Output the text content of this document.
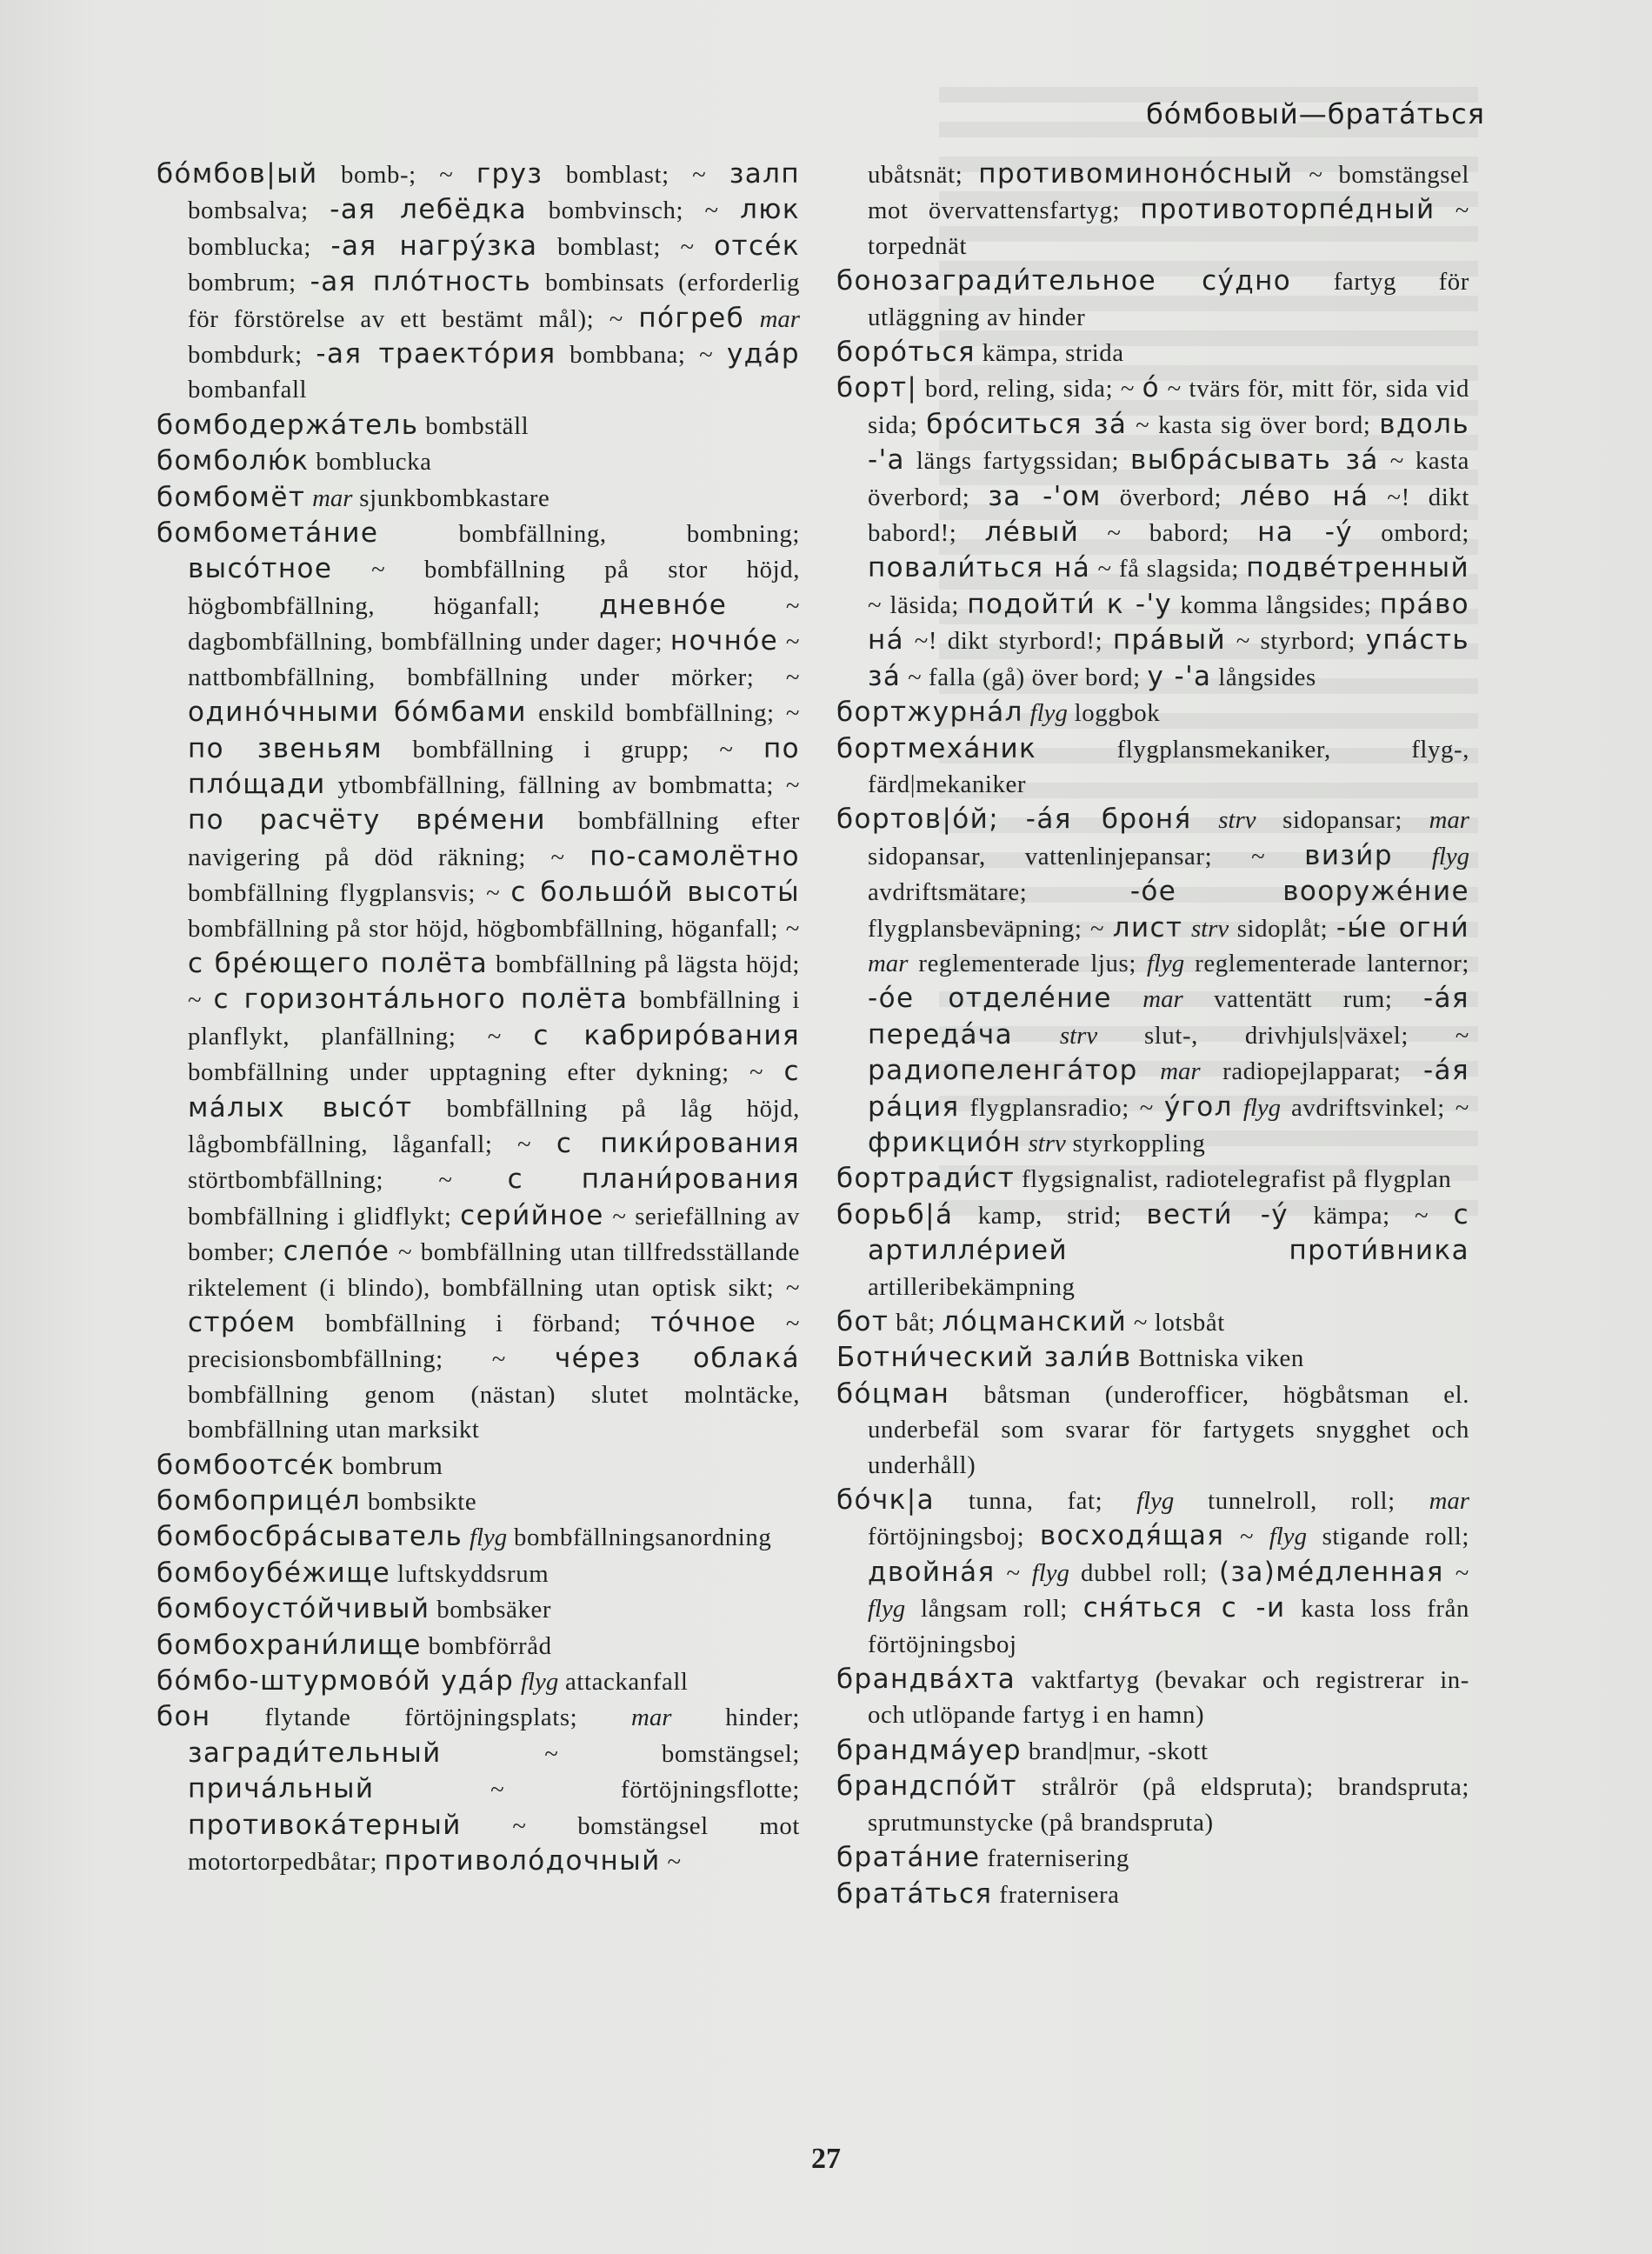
бо́мбовый—брата́ться

бо́мбов|ый bomb-; ~ груз bomblast; ~ залп bombsalva; -ая лебёдка bombvinsch; ~ люк bomblucka; -ая нагру́зка bomblast; ~ отсе́к bombrum; -ая пло́тность bombinsats (erforderlig för förstörelse av ett bestämt mål); ~ по́греб mar bombdurk; -ая траекто́рия bombbana; ~ уда́р bombanfall

бомбодержа́тель bombställ

бомболю́к bomblucka

бомбомёт mar sjunkbombkastare

бомбомета́ние bombfällning, bombning; высо́тное ~ bombfällning på stor höjd, högbombfällning, höganfall; дневно́е ~ dagbombfällning, bombfällning under dager; ночно́е ~ nattbombfällning, bombfällning under mörker; ~ одино́чными бо́мбами enskild bombfällning; ~ по звеньям bombfällning i grupp; ~ по пло́щади ytbombfällning, fällning av bombmatta; ~ по расчёту вре́мени bombfällning efter navigering på död räkning; ~ по-самолётно bombfällning flygplansvis; ~ с большо́й высоты́ bombfällning på stor höjd, högbombfällning, höganfall; ~ с бре́ющего полёта bombfällning på lägsta höjd; ~ с горизонта́льного полёта bombfällning i planflykt, planfällning; ~ с кабриро́вания bombfällning under upptagning efter dykning; ~ с ма́лых высо́т bombfällning på låg höjd, lågbombfällning, låganfall; ~ с пики́рования störtbombfällning; ~ с плани́рования bombfällning i glidflykt; сери́йное ~ seriefällning av bomber; слепо́е ~ bombfällning utan tillfredsställande riktelement (i blindo), bombfällning utan optisk sikt; ~ стро́ем bombfällning i förband; то́чное ~ precisionsbombfällning; ~ че́рез облака́ bombfällning genom (nästan) slutet molntäcke, bombfällning utan marksikt

бомбоотсе́к bombrum

бомбоприце́л bombsikte

бомбосбра́сыватель flyg bombfällningsanordning

бомбоубе́жище luftskyddsrum

бомбоусто́йчивый bombsäker

бомбохрани́лище bombförråd

бо́мбо-штурмово́й уда́р flyg attackanfall

бон flytande förtöjningsplats; mar hinder; загради́тельный ~ bomstängsel; прича́льный ~ förtöjningsflotte; противока́терный ~ bomstängsel mot motortorpedbåtar; противоло́дочный ~

ubåtsnät; противоминоно́сный ~ bomstängsel mot övervattensfartyg; противоторпе́дный ~ torpednät

бонозагради́тельное су́дно fartyg för utläggning av hinder

боро́ться kämpa, strida

борт| bord, reling, sida; ~ о́ ~ tvärs för, mitt för, sida vid sida; бро́ситься за́ ~ kasta sig över bord; вдоль -'а längs fartygssidan; выбра́сывать за́ ~ kasta överbord; за -'ом överbord; ле́во на́ ~! dikt babord!; ле́вый ~ babord; на -у́ ombord; повали́ться на́ ~ få slagsida; подве́тренный ~ läsida; подойти́ к -'у komma långsides; пра́во на́ ~! dikt styrbord!; пра́вый ~ styrbord; упа́сть за́ ~ falla (gå) över bord; у -'а långsides

бортжурна́л flyg loggbok

бортмеха́ник flygplansmekaniker, flyg-, färd|mekaniker

бортов|о́й; -а́я броня́ strv sidopansar; mar sidopansar, vattenlinjepansar; ~ визи́р flyg avdriftsmätare; -о́е вооруже́ние flygplansbeväpning; ~ лист strv sidoplåt; -ы́е огни́ mar reglementerade ljus; flyg reglementerade lanternor; -о́е отделе́ние mar vattentätt rum; -а́я переда́ча strv slut-, drivhjuls|växel; ~ радиопеленга́тор mar radiopejlapparat; -а́я ра́ция flygplansradio; ~ у́гол flyg avdriftsvinkel; ~ фрикцио́н strv styrkoppling

бортради́ст flygsignalist, radiotelegrafist på flygplan

борьб|а́ kamp, strid; вести́ -у́ kämpa; ~ с артилле́рией проти́вника artilleribekämpning

бот båt; ло́цманский ~ lotsbåt

Ботни́ческий зали́в Bottniska viken

бо́цман båtsman (underofficer, högbåtsman el. underbefäl som svarar för fartygets snygghet och underhåll)

бо́чк|а tunna, fat; flyg tunnelroll, roll; mar förtöjningsboj; восходя́щая ~ flyg stigande roll; двойна́я ~ flyg dubbel roll; (за)ме́дленная ~ flyg långsam roll; сня́ться с -и kasta loss från förtöjningsboj

брандва́хта vaktfartyg (bevakar och registrerar in- och utlöpande fartyg i en hamn)

брандма́уер brand|mur, -skott

брандспо́йт strålrör (på eldspruta); brandspruta; sprutmunstycke (på brandspruta)

брата́ние fraternisering

брата́ться fraternisera

27
